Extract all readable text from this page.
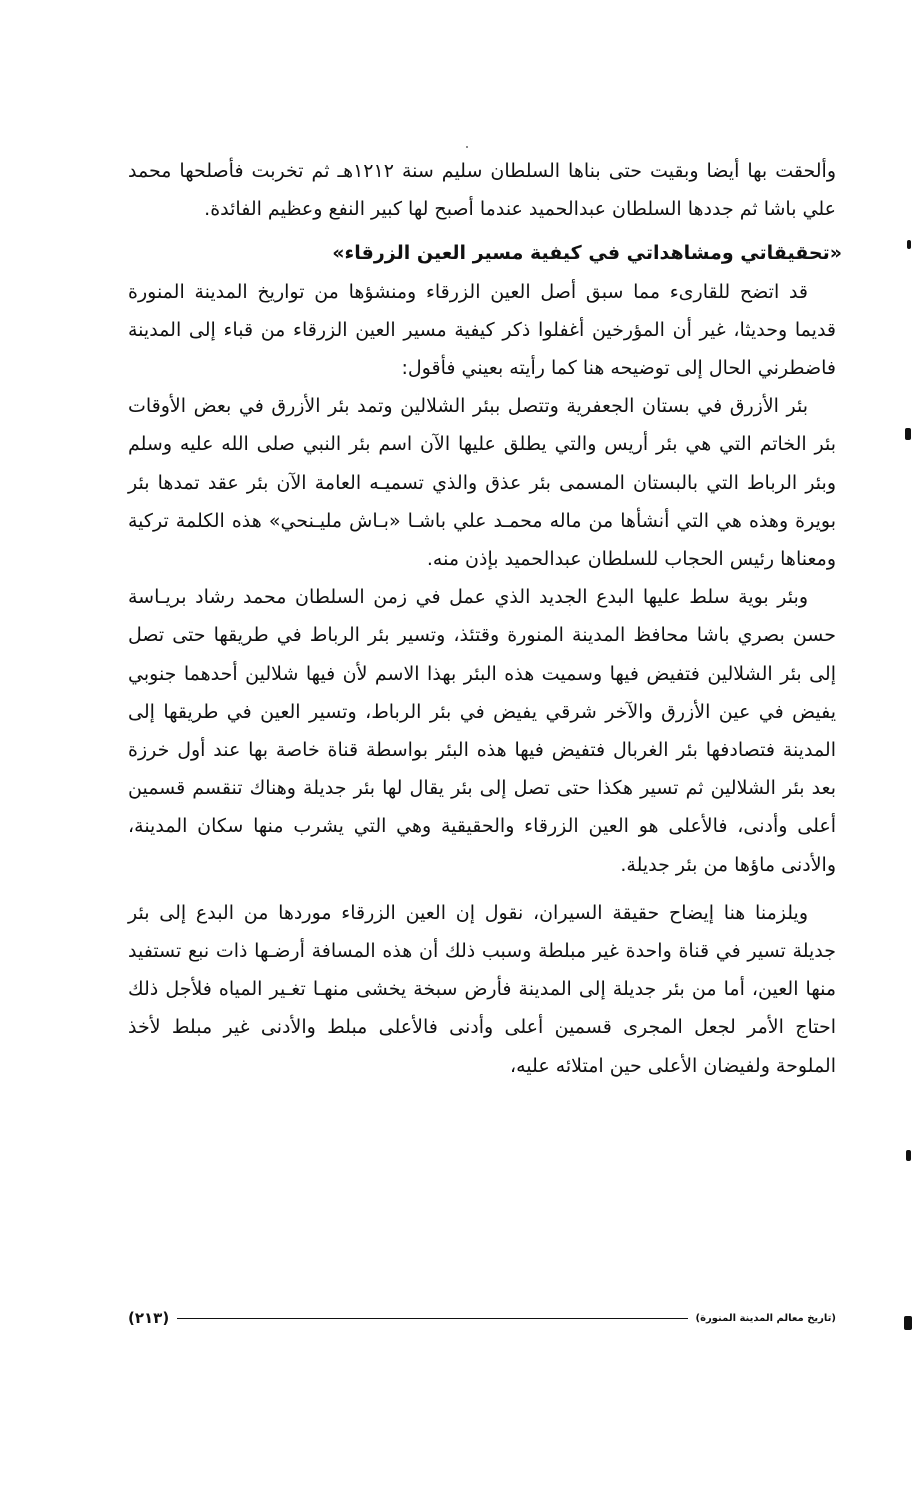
وألحقت بها أيضا وبقيت حتى بناها السلطان سليم سنة ١٢١٢هـ ثم تخربت فأصلحها محمد علي باشا ثم جددها السلطان عبدالحميد عندما أصبح لها كبير النفع وعظيم الفائدة.

«تحقيقاتي ومشاهداتي في كيفية مسير العين الزرقاء»

قد اتضح للقارىء مما سبق أصل العين الزرقاء ومنشؤها من تواريخ المدينة المنورة قديما وحديثا، غير أن المؤرخين أغفلوا ذكر كيفية مسير العين الزرقاء من قباء إلى المدينة فاضطرني الحال إلى توضيحه هنا كما رأيته بعيني فأقول:

بئر الأزرق في بستان الجعفرية وتتصل ببئر الشلالين وتمد بئر الأزرق في بعض الأوقات بئر الخاتم التي هي بئر أريس والتي يطلق عليها الآن اسم بئر النبي صلى الله عليه وسلم وبئر الرباط التي بالبستان المسمى بئر عذق والذي تسميـه العامة الآن بئر عقد تمدها بئر بويرة وهذه هي التي أنشأها من ماله محمـد علي باشـا «بـاش مليـنحي» هذه الكلمة تركية ومعناها رئيس الحجاب للسلطان عبدالحميد بإذن منه.

وبئر بوية سلط عليها البدع الجديد الذي عمل في زمن السلطان محمد رشاد بريـاسة حسن بصري باشا محافظ المدينة المنورة وقتئذ، وتسير بئر الرباط في طريقها حتى تصل إلى بئر الشلالين فتفيض فيها وسميت هذه البئر بهذا الاسم لأن فيها شلالين أحدهما جنوبي يفيض في عين الأزرق والآخر شرقي يفيض في بئر الرباط، وتسير العين في طريقها إلى المدينة فتصادفها بئر الغربال فتفيض فيها هذه البئر بواسطة قناة خاصة بها عند أول خرزة بعد بئر الشلالين ثم تسير هكذا حتى تصل إلى بئر يقال لها بئر جديلة وهناك تنقسم قسمين أعلى وأدنى، فالأعلى هو العين الزرقاء والحقيقية وهي التي يشرب منها سكان المدينة، والأدنى ماؤها من بئر جديلة.

ويلزمنا هنا إيضاح حقيقة السيران، نقول إن العين الزرقاء موردها من البدع إلى بئر جديلة تسير في قناة واحدة غير مبلطة وسبب ذلك أن هذه المسافة أرضـها ذات نبع تستفيد منها العين، أما من بئر جديلة إلى المدينة فأرض سبخة يخشى منهـا تغـير المياه فلأجل ذلك احتاج الأمر لجعل المجرى قسمين أعلى وأدنى فالأعلى مبلط والأدنى غير مبلط لأخذ الملوحة ولفيضان الأعلى حين امتلائه عليه،

(تاريخ معالم المدينة المنورة)
(٢١٣)
